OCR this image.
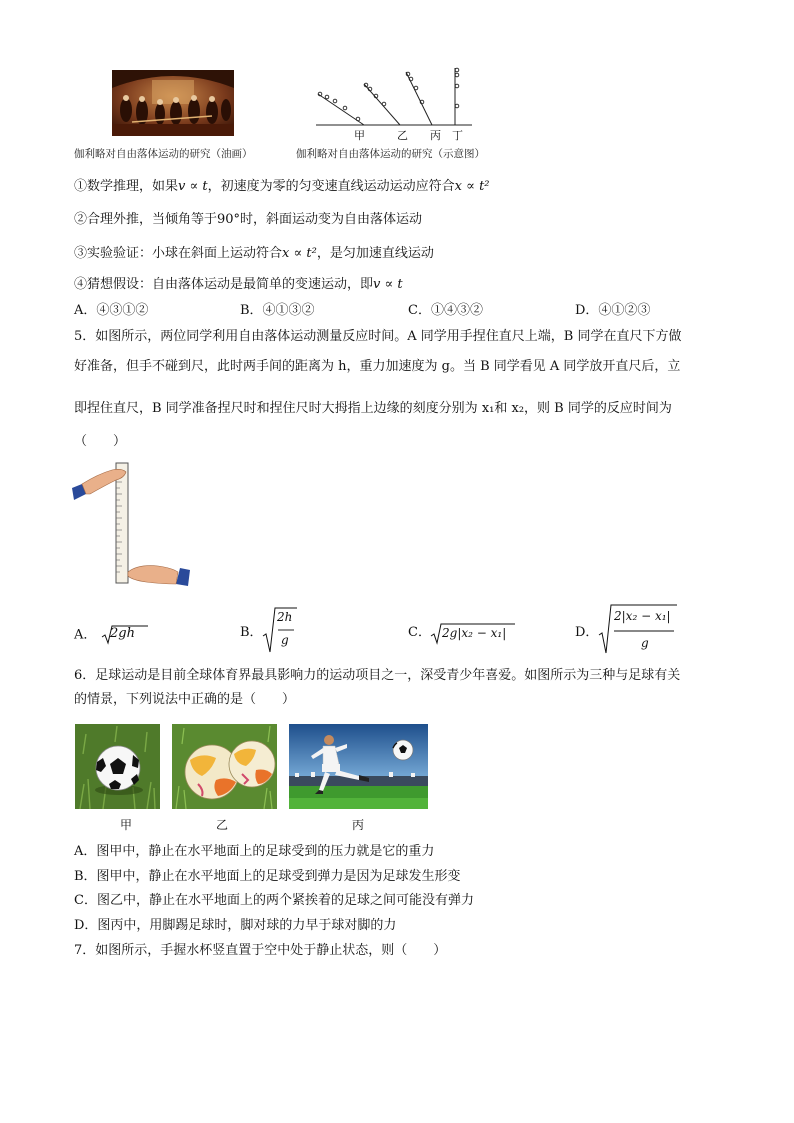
甲	乙 丙 丁
伽利略对自由落体运动的研究（油画）	伽利略对自由落体运动的研究（示意图）
①数学推理，如果v ∝ t，初速度为零的匀变速直线运动运动应符合x ∝ t²
②合理外推，当倾角等于90°时，斜面运动变为自由落体运动
③实验验证：小球在斜面上运动符合x ∝ t²，是匀加速直线运动
④猜想假设：自由落体运动是最简单的变速运动，即v ∝ t
A．④③①②	B．④①③②	C．①④③②	D．④①②③
5．如图所示，两位同学利用自由落体运动测量反应时间。A 同学用手捏住直尺上端，B 同学在直尺下方做
好准备，但手不碰到尺，此时两手间的距离为 h，重力加速度为 g。当 B 同学看见 A 同学放开直尺后，立
即捏住直尺，B 同学准备捏尺时和捏住尺时大拇指上边缘的刻度分别为 x₁和 x₂，则 B 同学的反应时间为
（　　）
A．	2gh	B．
2h
g	C． 2g|x₂ − x₁|	D．
2|x₂ − x₁|
g
6．足球运动是目前全球体育界最具影响力的运动项目之一，深受青少年喜爱。如图所示为三种与足球有关
的情景，下列说法中正确的是（　　）
甲	乙	丙
A．图甲中，静止在水平地面上的足球受到的压力就是它的重力
B．图甲中，静止在水平地面上的足球受到弹力是因为足球发生形变
C．图乙中，静止在水平地面上的两个紧挨着的足球之间可能没有弹力
D．图丙中，用脚踢足球时，脚对球的力早于球对脚的力
7．如图所示，手握水杯竖直置于空中处于静止状态，则（　　）
